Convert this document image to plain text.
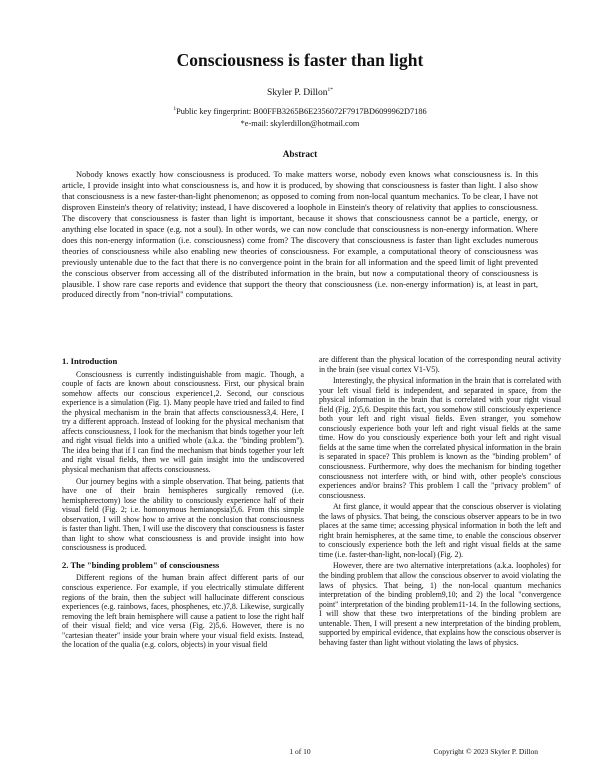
Consciousness is faster than light
Skyler P. Dillon$^{1*}$
$^1$Public key fingerprint: B00FFB3265B6E2356072F7917BD6099962D7186
*e-mail: skylerdillon@hotmail.com
Abstract

Nobody knows exactly how consciousness is produced. To make matters worse, nobody even knows what consciousness is. In this article, I provide insight into what consciousness is, and how it is produced, by showing that consciousness is faster than light. I also show that consciousness is a new faster-than-light phenomenon; as opposed to coming from non-local quantum mechanics. To be clear, I have not disproven Einstein's theory of relativity; instead, I have discovered a loophole in Einstein's theory of relativity that applies to consciousness. The discovery that consciousness is faster than light is important, because it shows that consciousness cannot be a particle, energy, or anything else located in space (e.g. not a soul). In other words, we can now conclude that consciousness is non-energy information. Where does this non-energy information (i.e. consciousness) come from? The discovery that consciousness is faster than light excludes numerous theories of consciousness while also enabling new theories of consciousness. For example, a computational theory of consciousness was previously untenable due to the fact that there is no convergence point in the brain for all information and the speed limit of light prevented the conscious observer from accessing all of the distributed information in the brain, but now a computational theory of consciousness is plausible. I show rare case reports and evidence that support the theory that consciousness (i.e. non-energy information) is, at least in part, produced directly from "non-trivial" computations.

1. Introduction

Consciousness is currently indistinguishable from magic. Though, a couple of facts are known about consciousness. First, our physical brain somehow affects our conscious experience1,2. Second, our conscious experience is a simulation (Fig. 1). Many people have tried and failed to find the physical mechanism in the brain that affects consciousness3,4. Here, I try a different approach. Instead of looking for the physical mechanism that affects consciousness, I look for the mechanism that binds together your left and right visual fields into a unified whole (a.k.a. the "binding problem"). The idea being that if I can find the mechanism that binds together your left and right visual fields, then we will gain insight into the undiscovered physical mechanism that affects consciousness.

Our journey begins with a simple observation. That being, patients that have one of their brain hemispheres surgically removed (i.e. hemispherectomy) lose the ability to consciously experience half of their visual field (Fig. 2; i.e. homonymous hemianopsia)5,6. From this simple observation, I will show how to arrive at the conclusion that consciousness is faster than light. Then, I will use the discovery that consciousness is faster than light to show what consciousness is and provide insight into how consciousness is produced.

2. The "binding problem" of consciousness

Different regions of the human brain affect different parts of our conscious experience. For example, if you electrically stimulate different regions of the brain, then the subject will hallucinate different conscious experiences (e.g. rainbows, faces, phosphenes, etc.)7,8. Likewise, surgically removing the left brain hemisphere will cause a patient to lose the right half of their visual field; and vice versa (Fig. 2)5,6. However, there is no "cartesian theater" inside your brain where your visual field exists. Instead, the location of the qualia (e.g. colors, objects) in your visual field

are different than the physical location of the corresponding neural activity in the brain (see visual cortex V1-V5).

Interestingly, the physical information in the brain that is correlated with your left visual field is independent, and separated in space, from the physical information in the brain that is correlated with your right visual field (Fig. 2)5,6. Despite this fact, you somehow still consciously experience both your left and right visual fields. Even stranger, you somehow consciously experience both your left and right visual fields at the same time. How do you consciously experience both your left and right visual fields at the same time when the correlated physical information in the brain is separated in space? This problem is known as the "binding problem" of consciousness. Furthermore, why does the mechanism for binding together consciousness not interfere with, or bind with, other people's conscious experiences and/or brains? This problem I call the "privacy problem" of consciousness.

At first glance, it would appear that the conscious observer is violating the laws of physics. That being, the conscious observer appears to be in two places at the same time; accessing physical information in both the left and right brain hemispheres, at the same time, to enable the conscious observer to consciously experience both the left and right visual fields at the same time (i.e. faster-than-light, non-local) (Fig. 2).

However, there are two alternative interpretations (a.k.a. loopholes) for the binding problem that allow the conscious observer to avoid violating the laws of physics. That being, 1) the non-local quantum mechanics interpretation of the binding problem9,10; and 2) the local "convergence point" interpretation of the binding problem11-14. In the following sections, I will show that these two interpretations of the binding problem are untenable. Then, I will present a new interpretation of the binding problem, supported by empirical evidence, that explains how the conscious observer is behaving faster than light without violating the laws of physics.

1 of 10	Copyright © 2023 Skyler P. Dillon
